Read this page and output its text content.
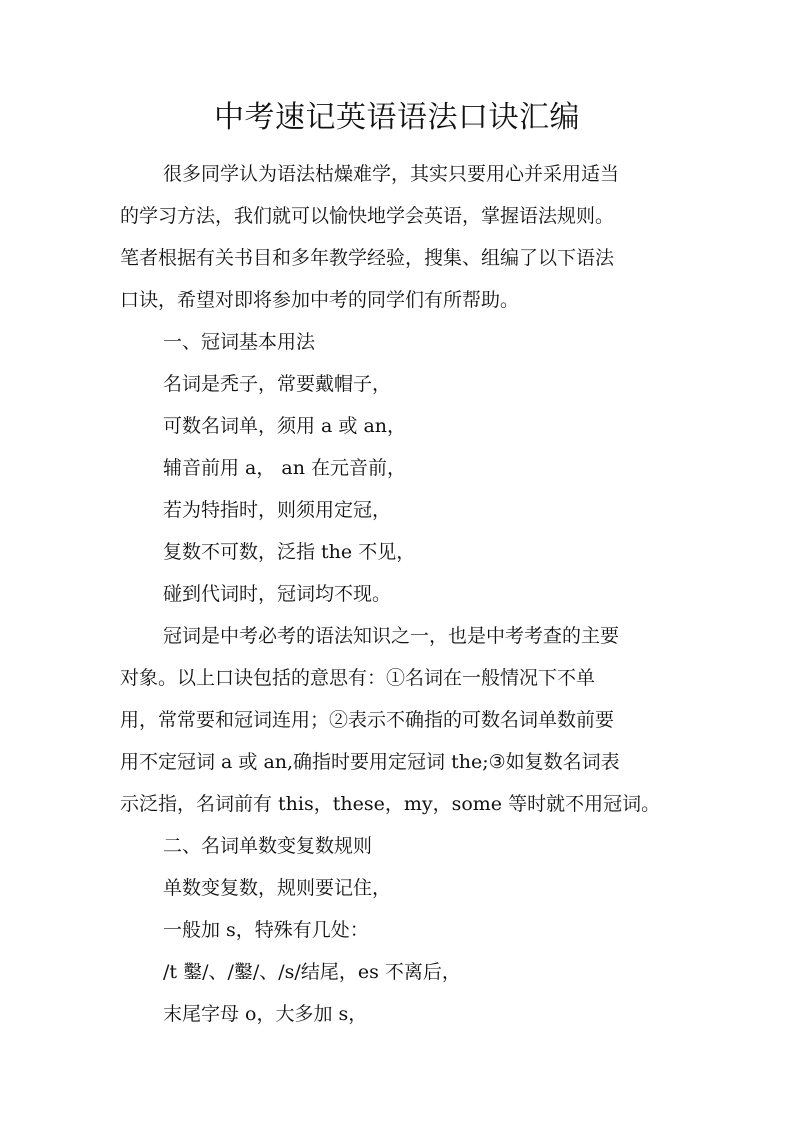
中考速记英语语法口诀汇编

很多同学认为语法枯燥难学，其实只要用心并采用适当

的学习方法，我们就可以愉快地学会英语，掌握语法规则。

笔者根据有关书目和多年教学经验，搜集、组编了以下语法

口诀，希望对即将参加中考的同学们有所帮助。

一、冠词基本用法

名词是秃子，常要戴帽子，

可数名词单，须用 a 或 an，

辅音前用 a， an 在元音前，

若为特指时，则须用定冠，

复数不可数，泛指 the 不见，

碰到代词时，冠词均不现。

冠词是中考必考的语法知识之一，也是中考考查的主要

对象。以上口诀包括的意思有：①名词在一般情况下不单

用，常常要和冠词连用；②表示不确指的可数名词单数前要

用不定冠词 a 或 an,确指时要用定冠词 the;③如复数名词表

示泛指，名词前有 this，these，my，some 等时就不用冠词。

二、名词单数变复数规则

单数变复数，规则要记住，

一般加 s，特殊有几处：

/t 鑿/、/鑿/、/s/结尾，es 不离后，

末尾字母 o，大多加 s，
